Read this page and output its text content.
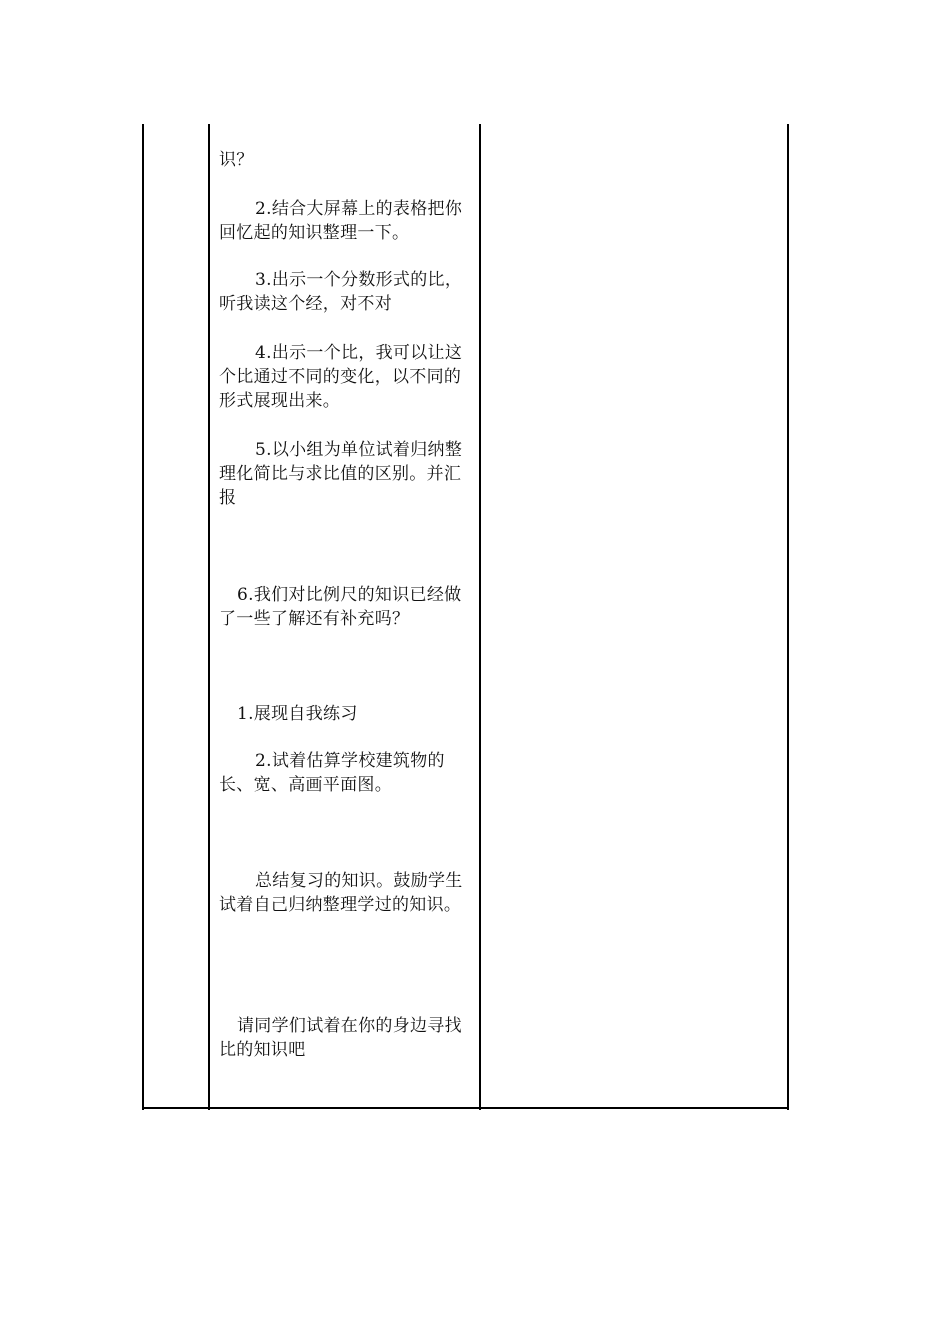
识？

2.结合大屏幕上的表格把你回忆起的知识整理一下。

3.出示一个分数形式的比，听我读这个经，对不对

4.出示一个比，我可以让这个比通过不同的变化，以不同的形式展现出来。

5.以小组为单位试着归纳整理化简比与求比值的区别。并汇报

6.我们对比例尺的知识已经做了一些了解还有补充吗？

1.展现自我练习

2.试着估算学校建筑物的长、宽、高画平面图。

总结复习的知识。鼓励学生试着自己归纳整理学过的知识。

请同学们试着在你的身边寻找比的知识吧
